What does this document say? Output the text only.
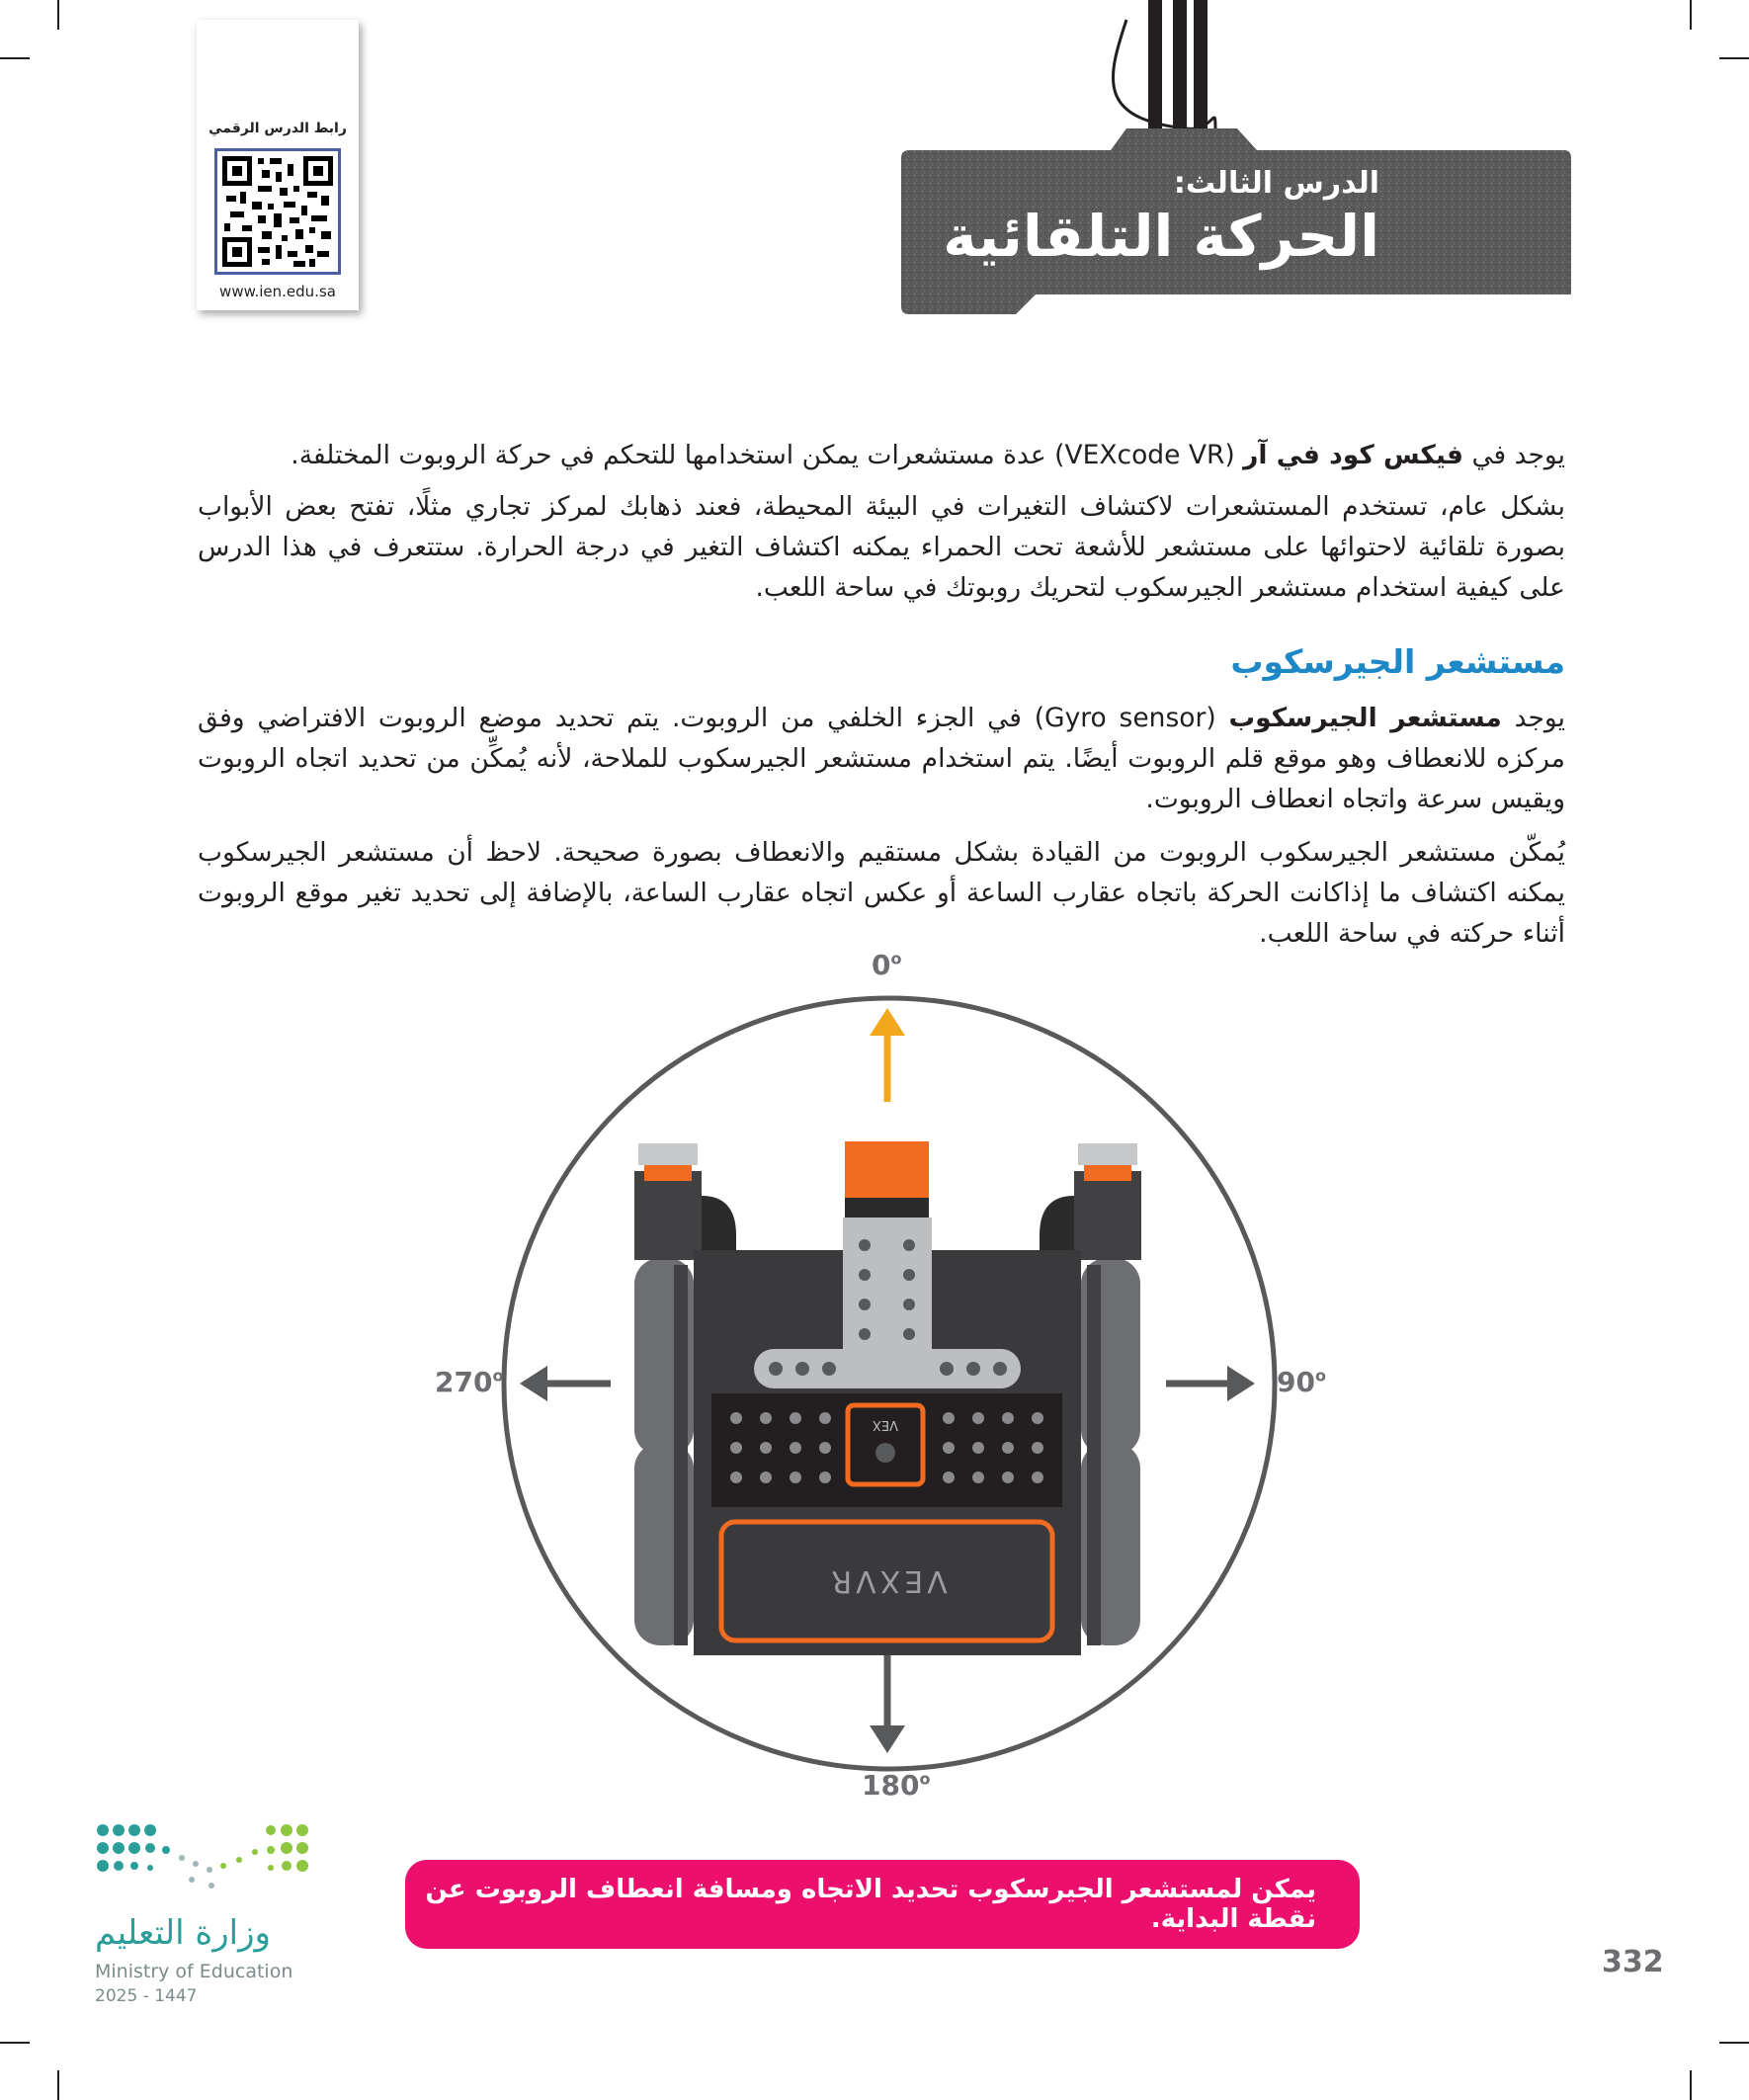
رابط الدرس الرقمي
www.ien.edu.sa
الدرس الثالث:
الحركة التلقائية

يوجد في فيكس كود في آر (VEXcode VR) عدة مستشعرات يمكن استخدامها للتحكم في حركة الروبوت المختلفة.

بشكل عام، تستخدم المستشعرات لاكتشاف التغيرات في البيئة المحيطة، فعند ذهابك لمركز تجاري مثلًا، تفتح بعض الأبواب بصورة تلقائية لاحتوائها على مستشعر للأشعة تحت الحمراء يمكنه اكتشاف التغير في درجة الحرارة. ستتعرف في هذا الدرس على كيفية استخدام مستشعر الجيرسكوب لتحريك روبوتك في ساحة اللعب.

مستشعر الجيرسكوب

يوجد مستشعر الجيرسكوب (Gyro sensor) في الجزء الخلفي من الروبوت. يتم تحديد موضع الروبوت الافتراضي وفق مركزه للانعطاف وهو موقع قلم الروبوت أيضًا. يتم استخدام مستشعر الجيرسكوب للملاحة، لأنه يُمكِّن من تحديد اتجاه الروبوت ويقيس سرعة واتجاه انعطاف الروبوت.

يُمكّن مستشعر الجيرسكوب الروبوت من القيادة بشكل مستقيم والانعطاف بصورة صحيحة. لاحظ أن مستشعر الجيرسكوب يمكنه اكتشاف ما إذاكانت الحركة باتجاه عقارب الساعة أو عكس اتجاه عقارب الساعة، بالإضافة إلى تحديد تغير موقع الروبوت أثناء حركته في ساحة اللعب.

VEX
VEXVR
0$^o$
90$^o$
180$^o$
270$^o$
يمكن لمستشعر الجيرسكوب تحديد الاتجاه ومسافة انعطاف الروبوت عن نقطة البداية.
332
وزارة التعليم
Ministry of Education
2025 - 1447
